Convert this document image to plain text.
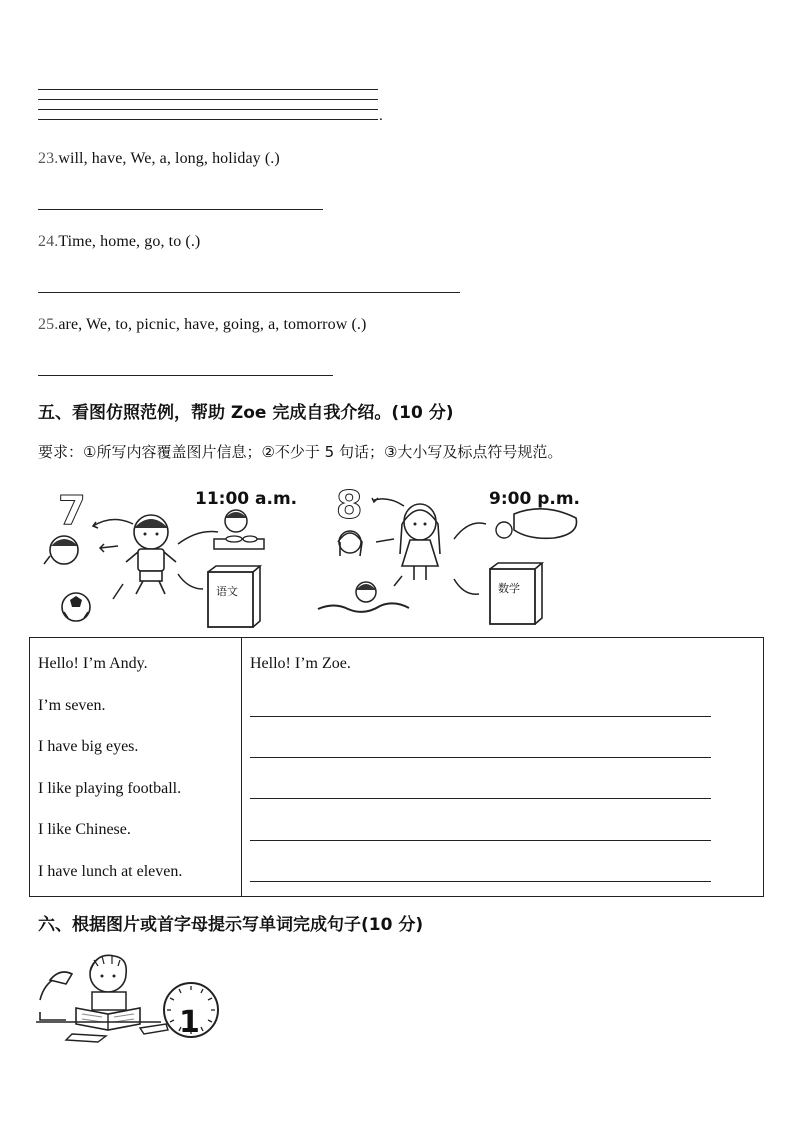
.
23.will, have, We, a, long, holiday (.)
24.Time, home, go, to (.)
25.are, We, to, picnic, have, going, a, tomorrow (.)
五、看图仿照范例，帮助 Zoe 完成自我介绍。(10 分)
要求：①所写内容覆盖图片信息；②不少于 5 句话；③大小写及标点符号规范。
7	11:00 a.m.
语文
8	9:00 p.m.
数学
Hello! I’m Andy.
I’m seven.
I have big eyes.
I like playing football.
I like Chinese.
I have lunch at eleven.
Hello! I’m Zoe.
六、根据图片或首字母提示写单词完成句子(10 分)
1
